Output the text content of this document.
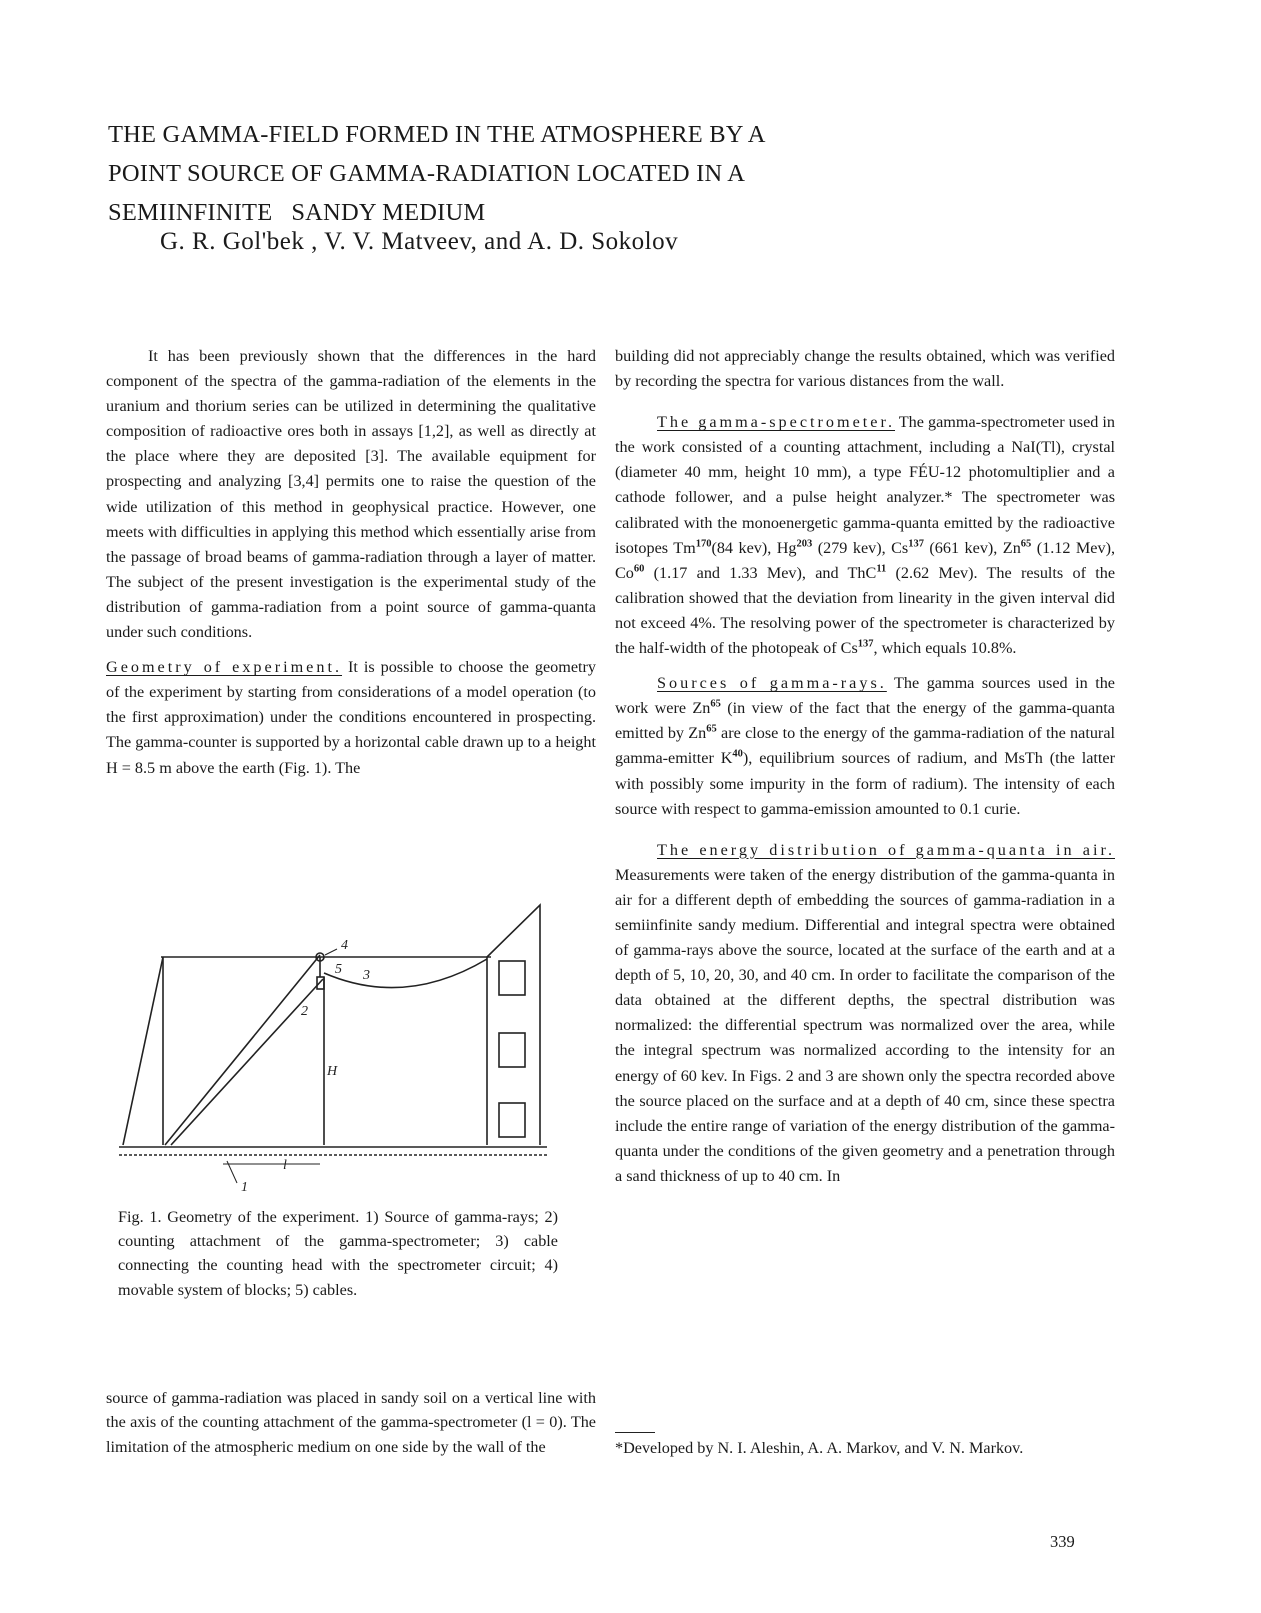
THE GAMMA-FIELD FORMED IN THE ATMOSPHERE BY A
POINT SOURCE OF GAMMA-RADIATION LOCATED IN A
SEMIINFINITE   SANDY MEDIUM
G. R. Gol'bek , V. V. Matveev, and A. D. Sokolov

It has been previously shown that the differences in the hard component of the spectra of the gamma-radiation of the elements in the uranium and thorium series can be utilized in determining the qualitative composition of radioactive ores both in assays [1,2], as well as directly at the place where they are deposited [3]. The available equipment for prospecting and analyzing [3,4] permits one to raise the question of the wide utilization of this method in geophysical practice. However, one meets with difficulties in applying this method which essentially arise from the passage of broad beams of gamma-radiation through a layer of matter. The subject of the present investigation is the experimental study of the distribution of gamma-radiation from a point source of gamma-quanta under such conditions.

Geometry of experiment. It is possible to choose the geometry of the experiment by starting from considerations of a model operation (to the first approximation) under the conditions encountered in prospecting. The gamma-counter is supported by a horizontal cable drawn up to a height H = 8.5 m above the earth (Fig. 1). The

1
2
3
4
5
l
H
Fig. 1. Geometry of the experiment. 1) Source of gamma-rays; 2) counting attachment of the gamma-spectrometer; 3) cable connecting the counting head with the spectrometer circuit; 4) movable system of blocks; 5) cables.
source of gamma-radiation was placed in sandy soil on a vertical line with the axis of the counting attachment of the gamma-spectrometer (l = 0). The limitation of the atmospheric medium on one side by the wall of the

building did not appreciably change the results obtained, which was verified by recording the spectra for various distances from the wall.

The gamma-spectrometer. The gamma-spectrometer used in the work consisted of a counting attachment, including a NaI(Tl), crystal (diameter 40 mm, height 10 mm), a type FÉU-12 photomultiplier and a cathode follower, and a pulse height analyzer.* The spectrometer was calibrated with the monoenergetic gamma-quanta emitted by the radioactive isotopes Tm$^{170}$(84 kev), Hg$^{203}$ (279 kev), Cs$^{137}$ (661 kev), Zn$^{65}$ (1.12 Mev), Co$^{60}$ (1.17 and 1.33 Mev), and ThC$^{11}$ (2.62 Mev). The results of the calibration showed that the deviation from linearity in the given interval did not exceed 4%. The resolving power of the spectrometer is characterized by the half-width of the photopeak of Cs$^{137}$, which equals 10.8%.

Sources of gamma-rays. The gamma sources used in the work were Zn$^{65}$ (in view of the fact that the energy of the gamma-quanta emitted by Zn$^{65}$ are close to the energy of the gamma-radiation of the natural gamma-emitter $K^{40}$), equilibrium sources of radium, and MsTh (the latter with possibly some impurity in the form of radium). The intensity of each source with respect to gamma-emission amounted to 0.1 curie.

The energy distribution of gamma-quanta in air. Measurements were taken of the energy distribution of the gamma-quanta in air for a different depth of embedding the sources of gamma-radiation in a semiinfinite sandy medium. Differential and integral spectra were obtained of gamma-rays above the source, located at the surface of the earth and at a depth of 5, 10, 20, 30, and 40 cm. In order to facilitate the comparison of the data obtained at the different depths, the spectral distribution was normalized: the differential spectrum was normalized over the area, while the integral spectrum was normalized according to the intensity for an energy of 60 kev. In Figs. 2 and 3 are shown only the spectra recorded above the source placed on the surface and at a depth of 40 cm, since these spectra include the entire range of variation of the energy distribution of the gamma-quanta under the conditions of the given geometry and a penetration through a sand thickness of up to 40 cm. In

*Developed by N. I. Aleshin, A. A. Markov, and V. N. Markov.
339
